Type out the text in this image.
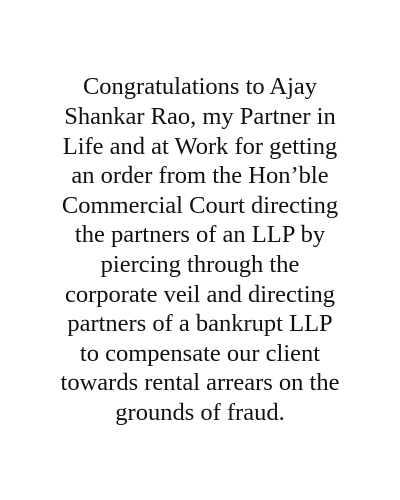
Congratulations to Ajay
Shankar Rao, my Partner in
Life and at Work for getting
an order from the Hon’ble
Commercial Court directing
the partners of an LLP by
piercing through the
corporate veil and directing
partners of a bankrupt LLP
to compensate our client
towards rental arrears on the
grounds of fraud.
